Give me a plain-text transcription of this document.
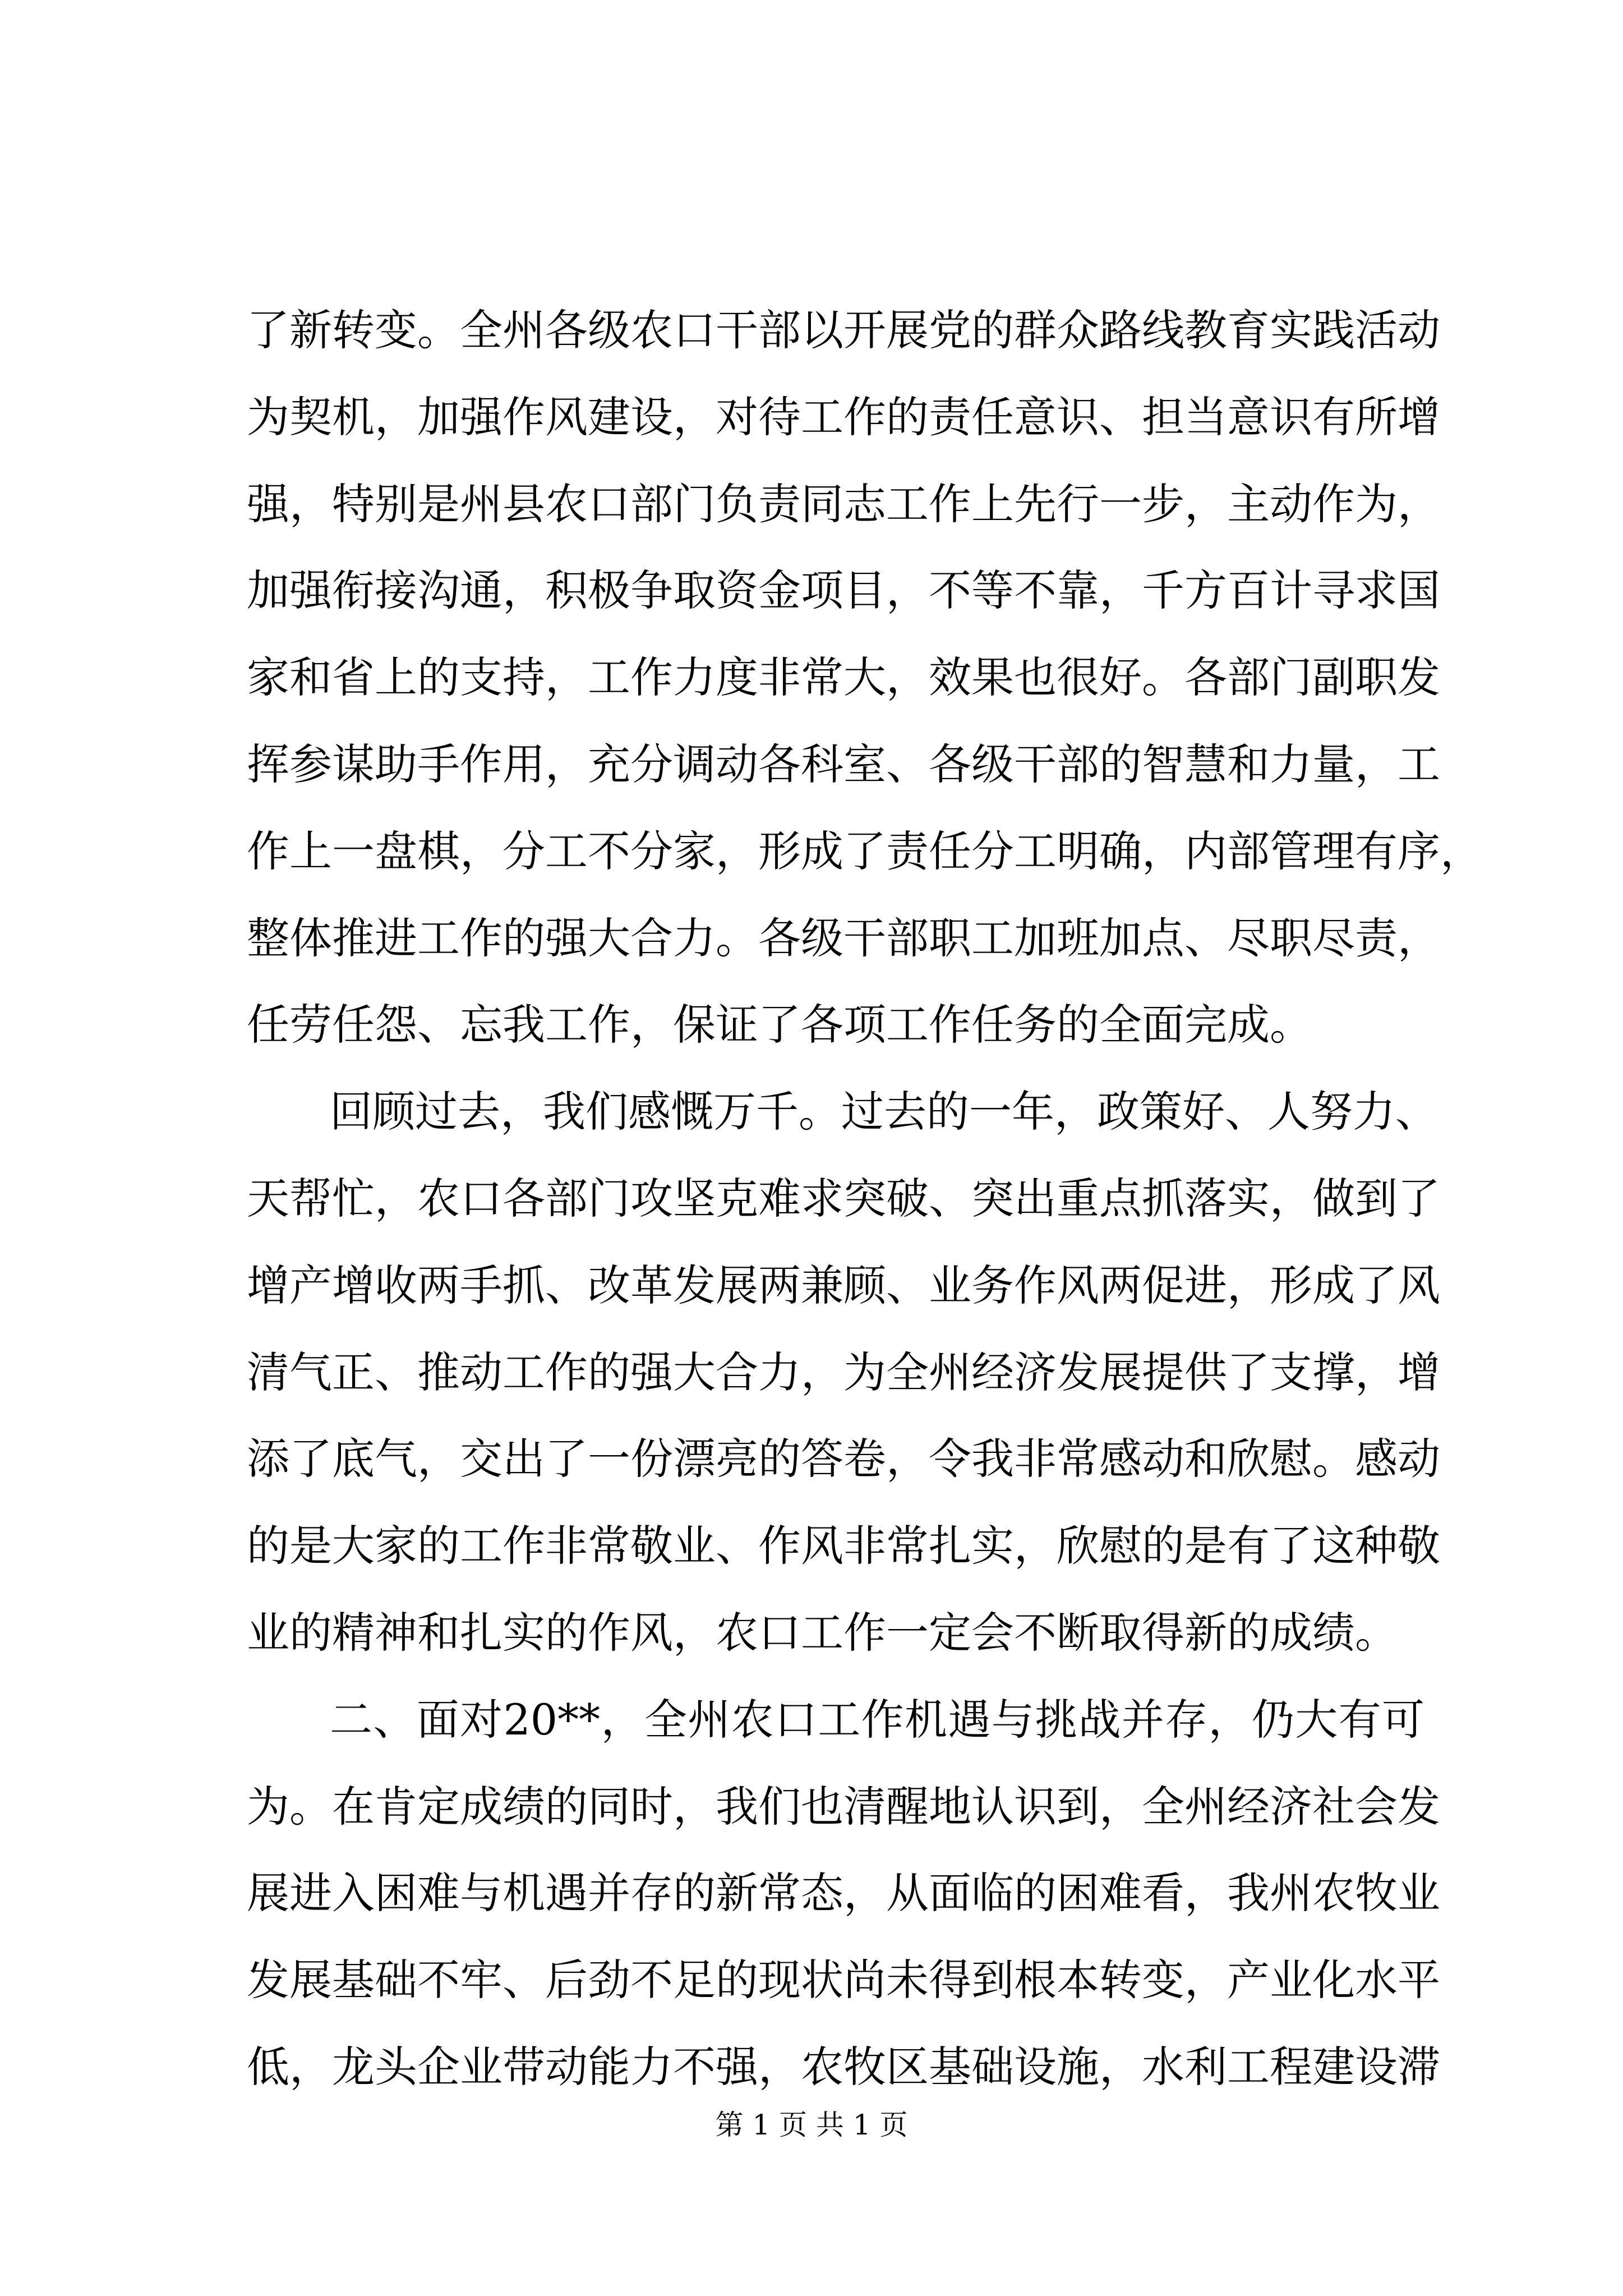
了新转变。全州各级农口干部以开展党的群众路线教育实践活动
为契机，加强作风建设，对待工作的责任意识、担当意识有所增
强，特别是州县农口部门负责同志工作上先行一步，主动作为，
加强衔接沟通，积极争取资金项目，不等不靠，千方百计寻求国
家和省上的支持，工作力度非常大，效果也很好。各部门副职发
挥参谋助手作用，充分调动各科室、各级干部的智慧和力量，工
作上一盘棋，分工不分家，形成了责任分工明确，内部管理有序，
整体推进工作的强大合力。各级干部职工加班加点、尽职尽责，
任劳任怨、忘我工作，保证了各项工作任务的全面完成。
回顾过去，我们感慨万千。过去的一年，政策好、人努力、
天帮忙，农口各部门攻坚克难求突破、突出重点抓落实，做到了
增产增收两手抓、改革发展两兼顾、业务作风两促进，形成了风
清气正、推动工作的强大合力，为全州经济发展提供了支撑，增
添了底气，交出了一份漂亮的答卷，令我非常感动和欣慰。感动
的是大家的工作非常敬业、作风非常扎实，欣慰的是有了这种敬
业的精神和扎实的作风，农口工作一定会不断取得新的成绩。
二、面对20**，全州农口工作机遇与挑战并存，仍大有可
为。在肯定成绩的同时，我们也清醒地认识到，全州经济社会发
展进入困难与机遇并存的新常态，从面临的困难看，我州农牧业
发展基础不牢、后劲不足的现状尚未得到根本转变，产业化水平
低，龙头企业带动能力不强，农牧区基础设施，水利工程建设滞
第 1 页 共 1 页
